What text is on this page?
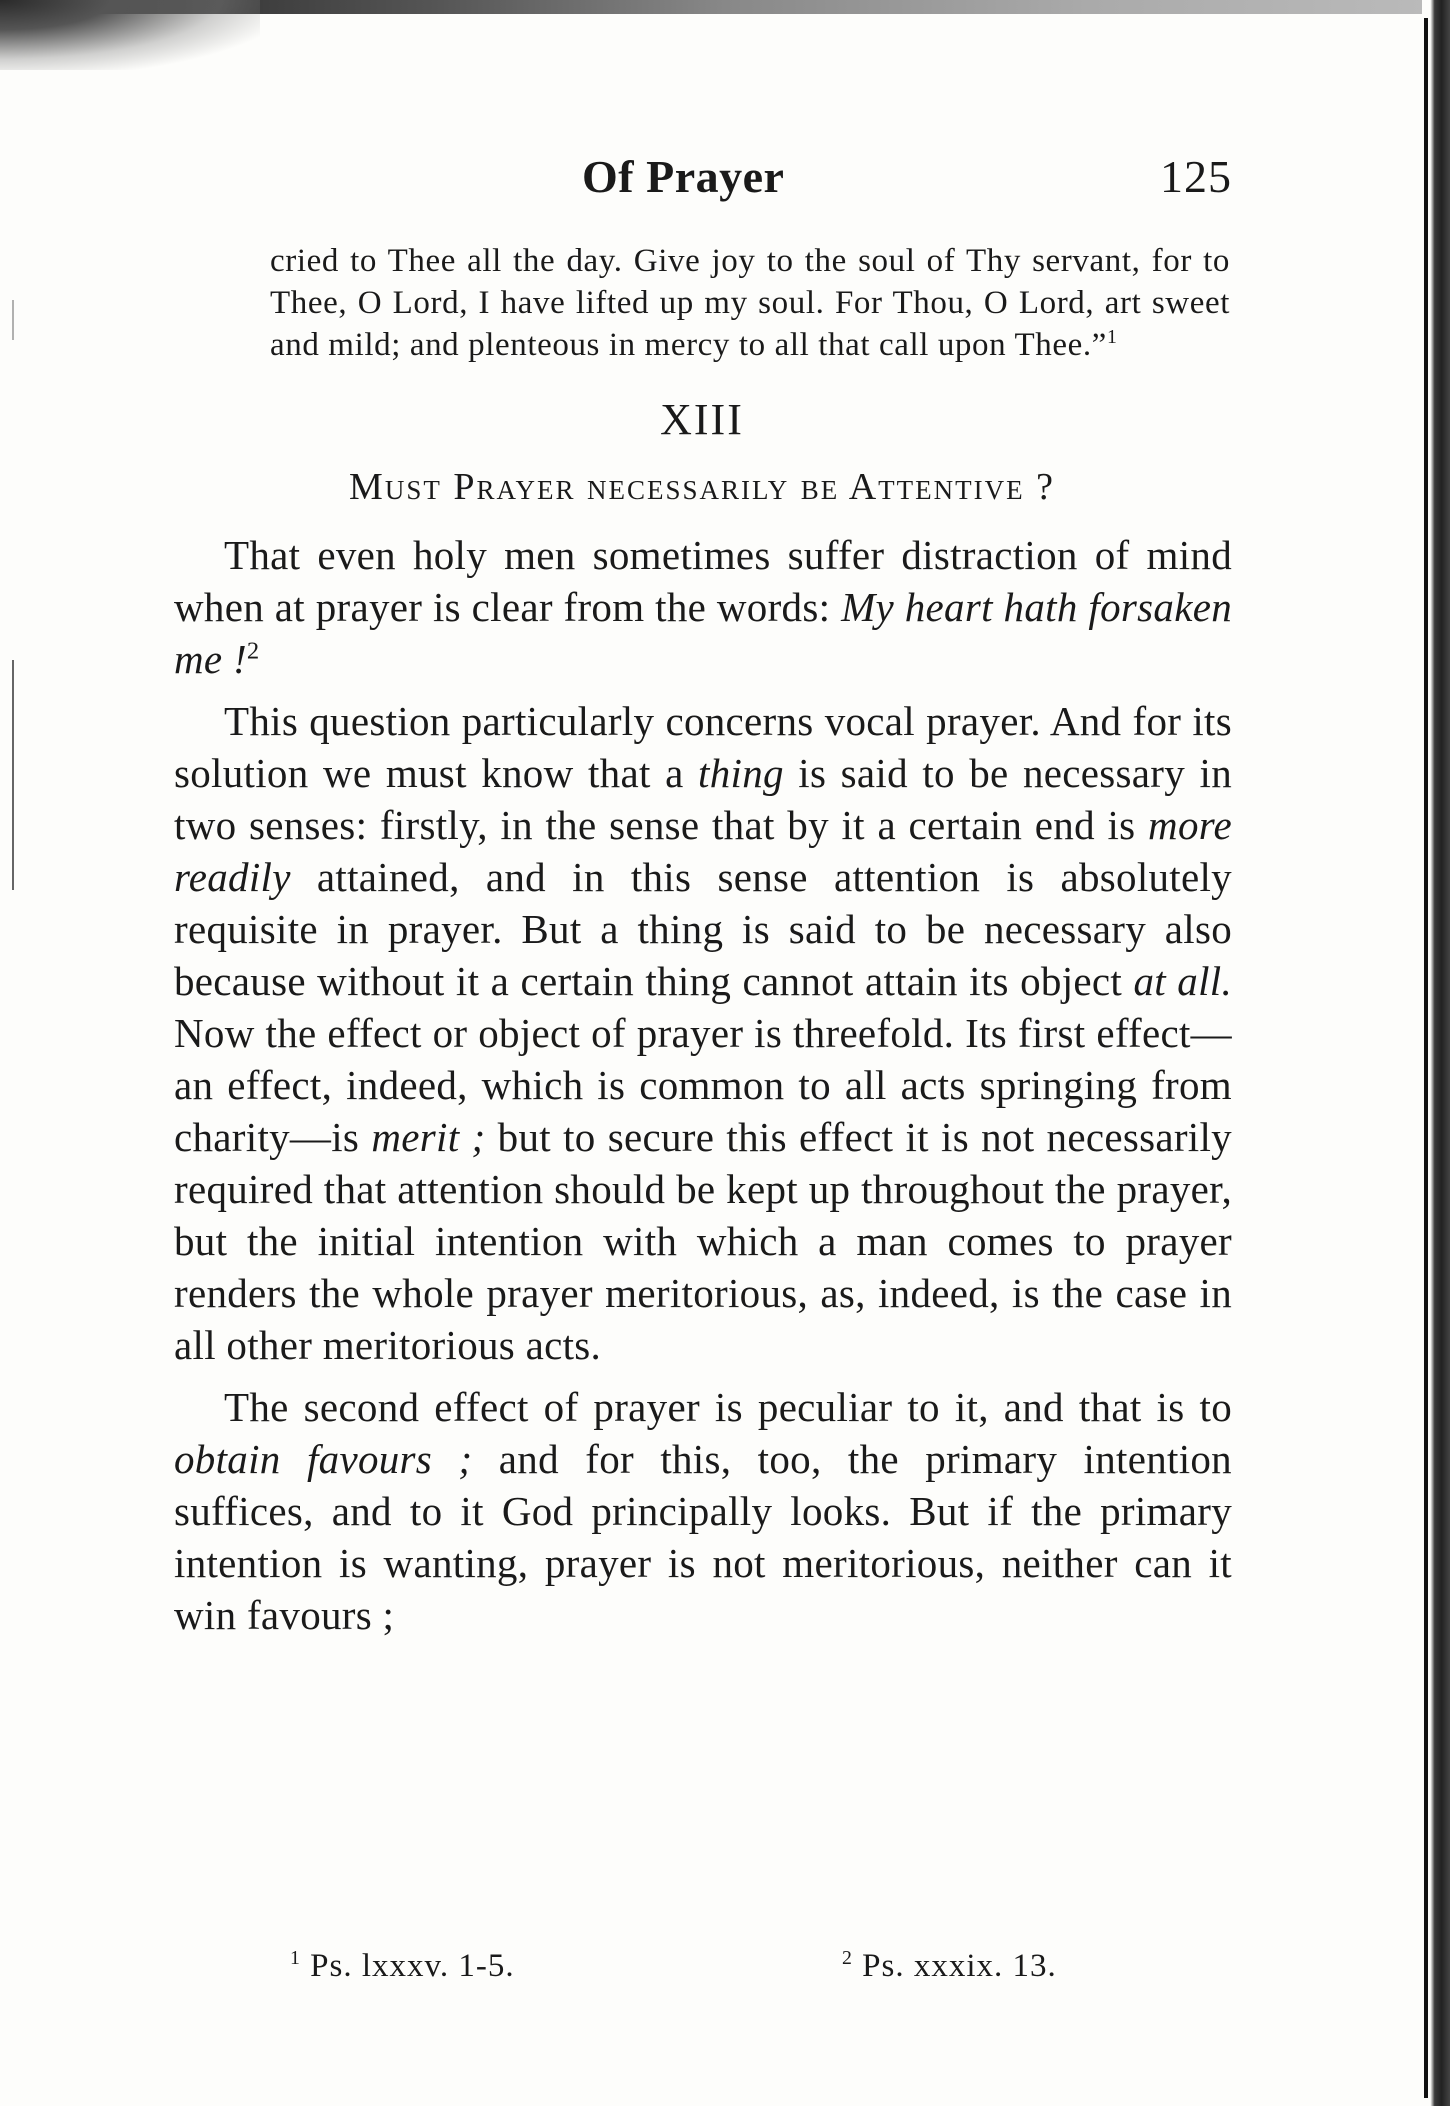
Of Prayer	125
cried to Thee all the day. Give joy to the soul of Thy servant, for to Thee, O Lord, I have lifted up my soul. For Thou, O Lord, art sweet and mild; and plenteous in mercy to all that call upon Thee.”$^1$
XIII
Must Prayer necessarily be Attentive ?

That even holy men sometimes suffer distraction of mind when at prayer is clear from the words: My heart hath forsaken me !$^2$

This question particularly concerns vocal prayer. And for its solution we must know that a thing is said to be necessary in two senses: firstly, in the sense that by it a certain end is more readily attained, and in this sense attention is absolutely requisite in prayer. But a thing is said to be necessary also because without it a certain thing cannot attain its object at all. Now the effect or object of prayer is threefold. Its first effect—an effect, indeed, which is common to all acts springing from charity—is merit ; but to secure this effect it is not necessarily required that attention should be kept up throughout the prayer, but the initial intention with which a man comes to prayer renders the whole prayer meritorious, as, indeed, is the case in all other meritorious acts.

The second effect of prayer is peculiar to it, and that is to obtain favours ; and for this, too, the primary intention suffices, and to it God principally looks. But if the primary intention is wanting, prayer is not meritorious, neither can it win favours ;

$^1$ Ps. lxxxv. 1-5.	$^2$ Ps. xxxix. 13.
